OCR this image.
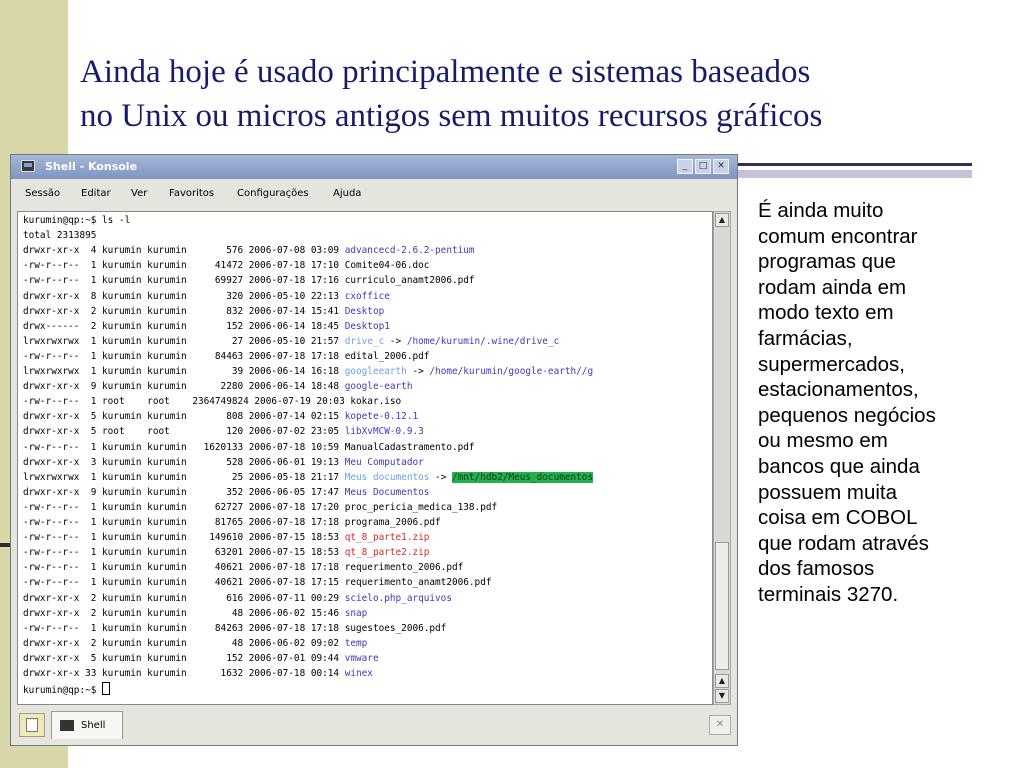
Ainda hoje é usado principalmente e sistemas baseados
no Unix ou micros antigos sem muitos recursos gráficos
É ainda muito
comum encontrar
programas que
rodam ainda em
modo texto em
farmácias,
supermercados,
estacionamentos,
pequenos negócios
ou mesmo em
bancos que ainda
possuem muita
coisa em COBOL
que rodam através
dos famosos
terminais 3270.
Shell - Konsole	_	□	✕
Sessão Editar Ver Favoritos Configurações Ajuda
kurumin@qp:~$ ls -l
total 2313895
drwxr-xr-x  4 kurumin kurumin       576 2006-07-08 03:09 advancecd-2.6.2-pentium
-rw-r--r--  1 kurumin kurumin     41472 2006-07-18 17:10 Comite04-06.doc
-rw-r--r--  1 kurumin kurumin     69927 2006-07-18 17:16 curriculo_anamt2006.pdf
drwxr-xr-x  8 kurumin kurumin       320 2006-05-10 22:13 cxoffice
drwxr-xr-x  2 kurumin kurumin       832 2006-07-14 15:41 Desktop
drwx------  2 kurumin kurumin       152 2006-06-14 18:45 Desktop1
lrwxrwxrwx  1 kurumin kurumin        27 2006-05-10 21:57 drive_c -> /home/kurumin/.wine/drive_c
-rw-r--r--  1 kurumin kurumin     84463 2006-07-18 17:18 edital_2006.pdf
lrwxrwxrwx  1 kurumin kurumin        39 2006-06-14 16:18 googleearth -> /home/kurumin/google-earth//g
drwxr-xr-x  9 kurumin kurumin      2280 2006-06-14 18:48 google-earth
-rw-r--r--  1 root    root    2364749824 2006-07-19 20:03 kokar.iso
drwxr-xr-x  5 kurumin kurumin       808 2006-07-14 02:15 kopete-0.12.1
drwxr-xr-x  5 root    root          120 2006-07-02 23:05 libXvMCW-0.9.3
-rw-r--r--  1 kurumin kurumin   1620133 2006-07-18 10:59 ManualCadastramento.pdf
drwxr-xr-x  3 kurumin kurumin       528 2006-06-01 19:13 Meu Computador
lrwxrwxrwx  1 kurumin kurumin        25 2006-05-18 21:17 Meus documentos -> /mnt/hdb2/Meus_documentos
drwxr-xr-x  9 kurumin kurumin       352 2006-06-05 17:47 Meus Documentos
-rw-r--r--  1 kurumin kurumin     62727 2006-07-18 17:20 proc_pericia_medica_138.pdf
-rw-r--r--  1 kurumin kurumin     81765 2006-07-18 17:18 programa_2006.pdf
-rw-r--r--  1 kurumin kurumin    149610 2006-07-15 18:53 qt_8_parte1.zip
-rw-r--r--  1 kurumin kurumin     63201 2006-07-15 18:53 qt_8_parte2.zip
-rw-r--r--  1 kurumin kurumin     40621 2006-07-18 17:18 requerimento_2006.pdf
-rw-r--r--  1 kurumin kurumin     40621 2006-07-18 17:15 requerimento_anamt2006.pdf
drwxr-xr-x  2 kurumin kurumin       616 2006-07-11 00:29 scielo.php_arquivos
drwxr-xr-x  2 kurumin kurumin        48 2006-06-02 15:46 snap
-rw-r--r--  1 kurumin kurumin     84263 2006-07-18 17:18 sugestoes_2006.pdf
drwxr-xr-x  2 kurumin kurumin        48 2006-06-02 09:02 temp
drwxr-xr-x  5 kurumin kurumin       152 2006-07-01 09:44 vmware
drwxr-xr-x 33 kurumin kurumin      1632 2006-07-18 00:14 winex
kurumin@qp:~$
▲
▲
▼
Shell	✕
